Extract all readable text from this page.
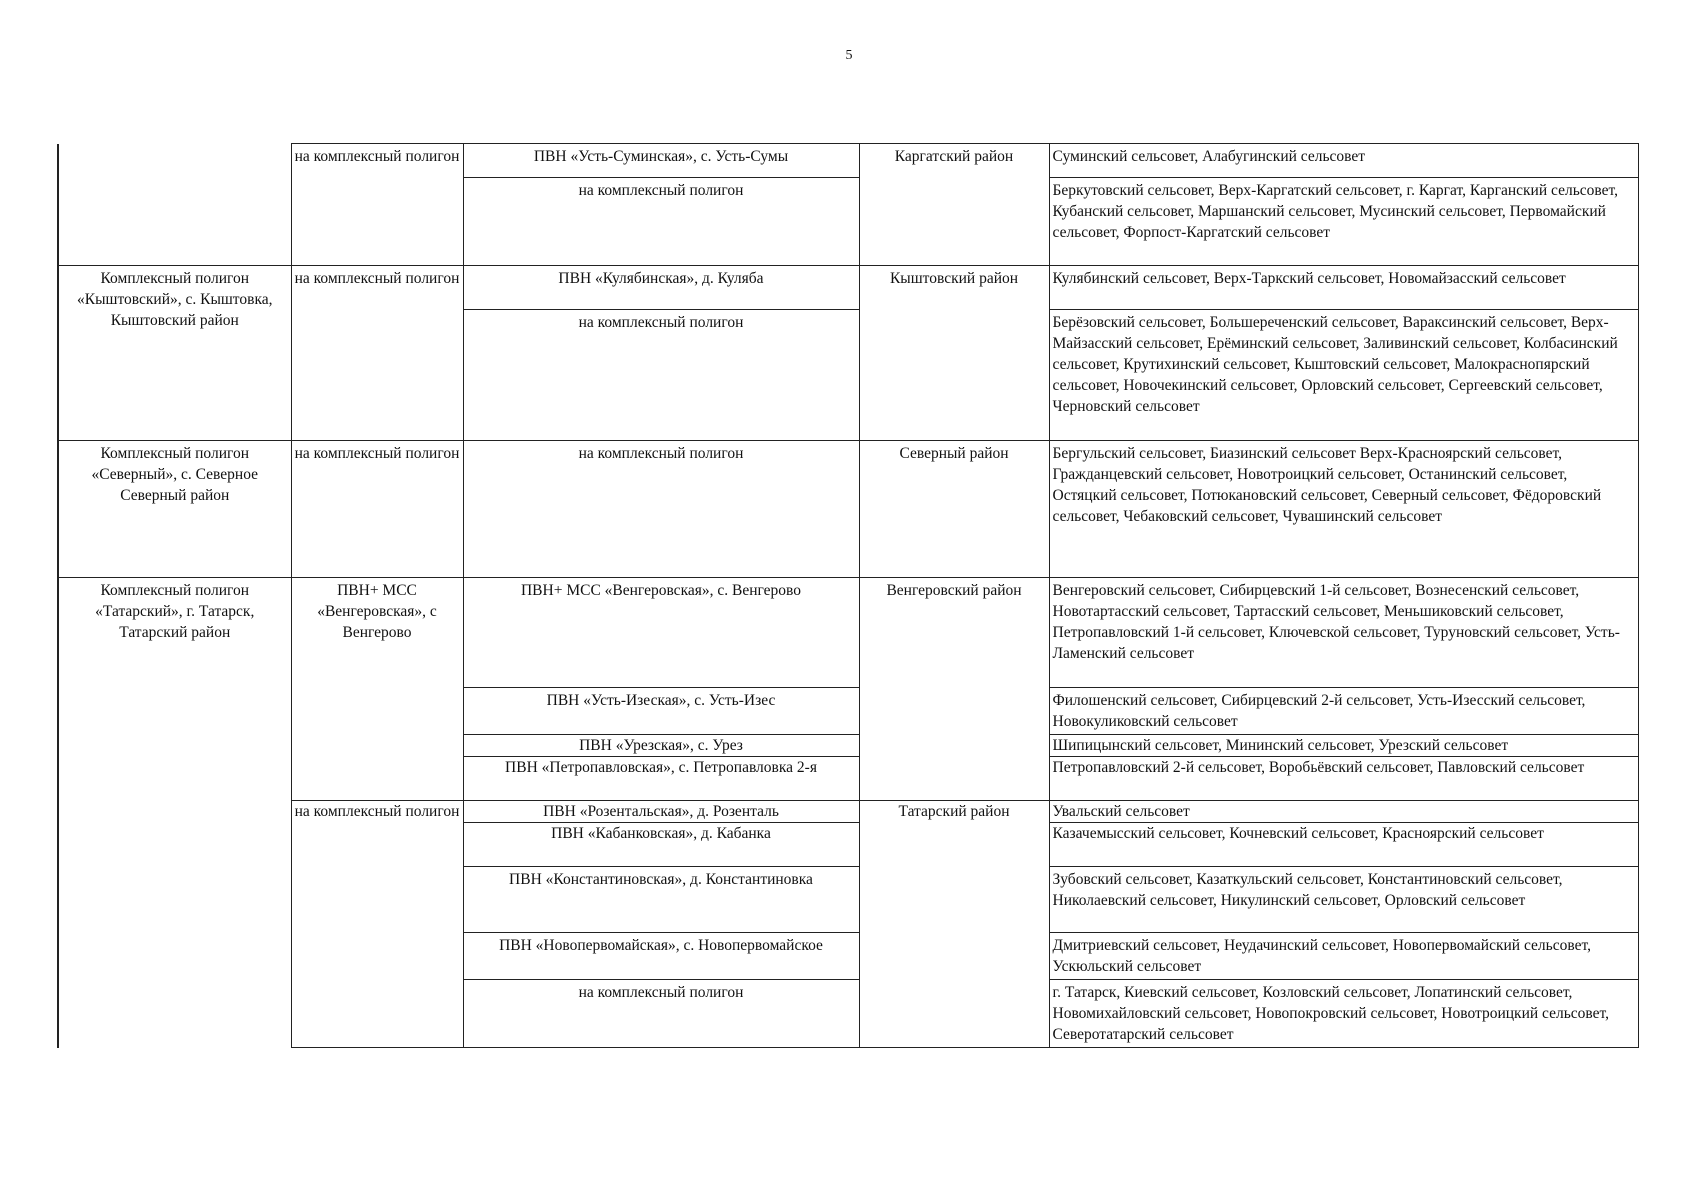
5
	на комплексный полигон	ПВН «Усть-Суминская», с. Усть-Сумы	Каргатский район	Суминский сельсовет, Алабугинский сельсовет
		на комплексный полигон		Беркутовский сельсовет, Верх-Каргатский сельсовет, г. Каргат, Карганский сельсовет, Кубанский сельсовет, Маршанский сельсовет, Мусинский сельсовет, Первомайский сельсовет, Форпост-Каргатский сельсовет
Комплексный полигон «Кыштовский», с. Кыштовка, Кыштовский район	на комплексный полигон	ПВН «Кулябинская», д. Куляба	Кыштовский район	Кулябинский сельсовет, Верх-Таркский сельсовет, Новомайзасский сельсовет
		на комплексный полигон		Берёзовский сельсовет, Большереченский сельсовет, Вараксинский сельсовет, Верх-Майзасский сельсовет, Ерёминский сельсовет, Заливинский сельсовет, Колбасинский сельсовет, Крутихинский сельсовет, Кыштовский сельсовет, Малокраснопярский сельсовет, Новочекинский сельсовет, Орловский сельсовет, Сергеевский сельсовет, Черновский сельсовет
Комплексный полигон «Северный», с. Северное Северный район	на комплексный полигон	на комплексный полигон	Северный район	Бергульский сельсовет, Биазинский сельсовет Верх-Красноярский сельсовет, Гражданцевский сельсовет, Новотроицкий сельсовет, Останинский сельсовет, Остяцкий сельсовет, Потюкановский сельсовет, Северный сельсовет, Фёдоровский сельсовет, Чебаковский сельсовет, Чувашинский сельсовет
Комплексный полигон «Татарский», г. Татарск, Татарский район	ПВН+ МСС «Венгеровская», с Венгерово	ПВН+ МСС «Венгеровская», с. Венгерово	Венгеровский район	Венгеровский сельсовет, Сибирцевский 1-й сельсовет, Вознесенский сельсовет, Новотартасский сельсовет, Тартасский сельсовет, Меньшиковский сельсовет, Петропавловский 1-й сельсовет, Ключевской сельсовет, Туруновский сельсовет, Усть-Ламенский сельсовет
		ПВН «Усть-Изеская», с. Усть-Изес		Филошенский сельсовет, Сибирцевский 2-й сельсовет, Усть-Изесский сельсовет, Новокуликовский сельсовет
		ПВН «Урезская», с. Урез		Шипицынский сельсовет, Мининский сельсовет, Урезский сельсовет
		ПВН «Петропавловская», с. Петропавловка 2-я		Петропавловский 2-й сельсовет, Воробьёвский сельсовет, Павловский сельсовет
	на комплексный полигон	ПВН «Розентальская», д. Розенталь	Татарский район	Увальский сельсовет
		ПВН «Кабанковская», д. Кабанка		Казачемысский сельсовет, Кочневский сельсовет, Красноярский сельсовет
		ПВН «Константиновская», д. Константиновка		Зубовский сельсовет, Казаткульский сельсовет, Константиновский сельсовет, Николаевский сельсовет, Никулинский сельсовет, Орловский сельсовет
		ПВН «Новопервомайская», с. Новопервомайское		Дмитриевский сельсовет, Неудачинский сельсовет, Новопервомайский сельсовет, Ускюльский сельсовет
		на комплексный полигон		г. Татарск, Киевский сельсовет, Козловский сельсовет, Лопатинский сельсовет, Новомихайловский сельсовет, Новопокровский сельсовет, Новотроицкий сельсовет, Северотатарский сельсовет
